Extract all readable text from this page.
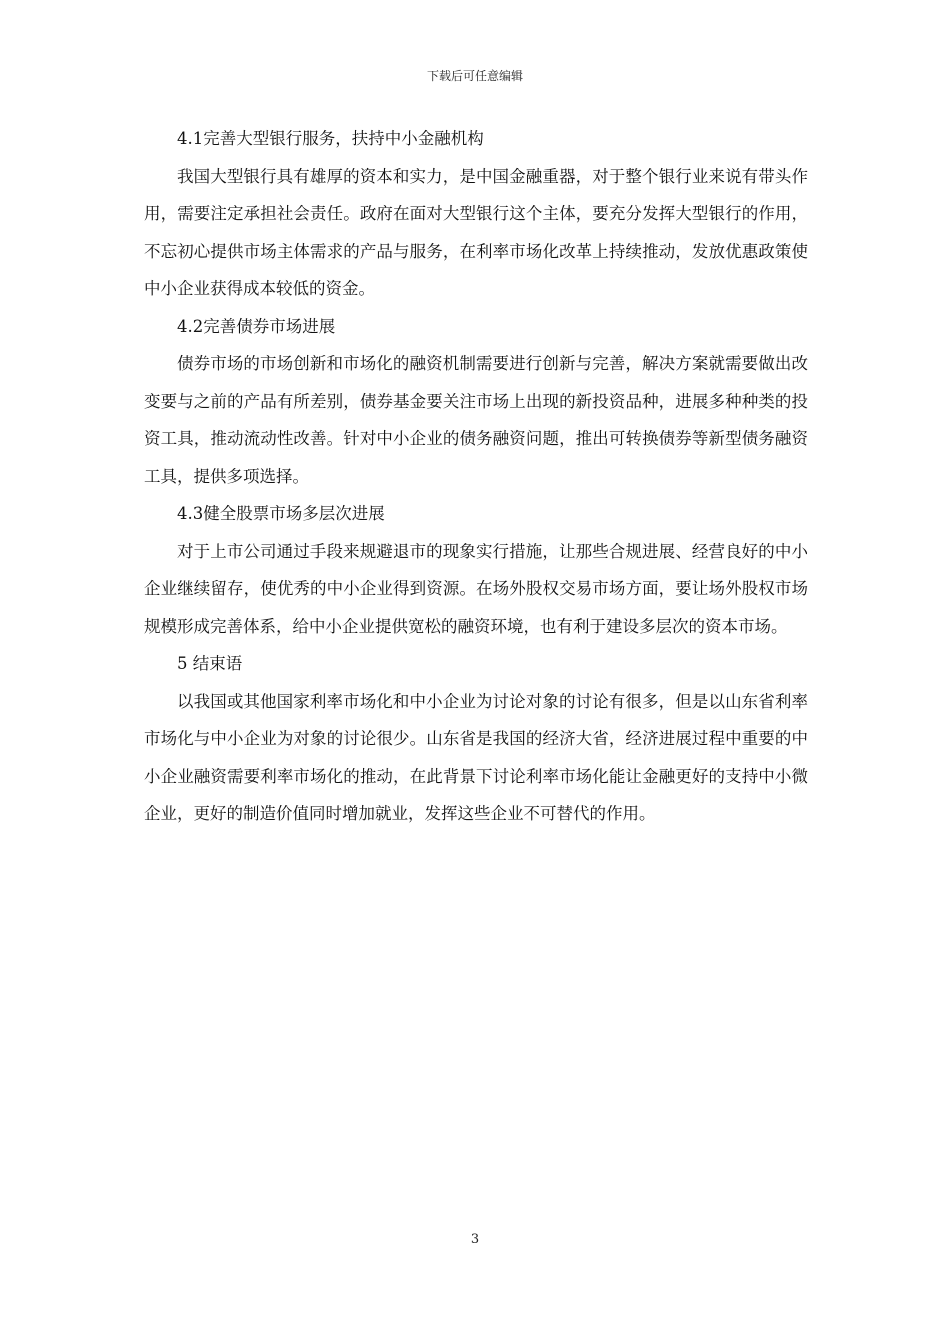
下载后可任意编辑

4.1完善大型银行服务，扶持中小金融机构

我国大型银行具有雄厚的资本和实力，是中国金融重器，对于整个银行业来说有带头作用，需要注定承担社会责任。政府在面对大型银行这个主体，要充分发挥大型银行的作用，不忘初心提供市场主体需求的产品与服务，在利率市场化改革上持续推动，发放优惠政策使中小企业获得成本较低的资金。

4.2完善债券市场进展

债券市场的市场创新和市场化的融资机制需要进行创新与完善，解决方案就需要做出改变要与之前的产品有所差别，债券基金要关注市场上出现的新投资品种，进展多种种类的投资工具，推动流动性改善。针对中小企业的债务融资问题，推出可转换债券等新型债务融资工具，提供多项选择。

4.3健全股票市场多层次进展

对于上市公司通过手段来规避退市的现象实行措施，让那些合规进展、经营良好的中小企业继续留存，使优秀的中小企业得到资源。在场外股权交易市场方面，要让场外股权市场规模形成完善体系，给中小企业提供宽松的融资环境，也有利于建设多层次的资本市场。

5 结束语

以我国或其他国家利率市场化和中小企业为讨论对象的讨论有很多，但是以山东省利率市场化与中小企业为对象的讨论很少。山东省是我国的经济大省，经济进展过程中重要的中小企业融资需要利率市场化的推动，在此背景下讨论利率市场化能让金融更好的支持中小微企业，更好的制造价值同时增加就业，发挥这些企业不可替代的作用。

3
